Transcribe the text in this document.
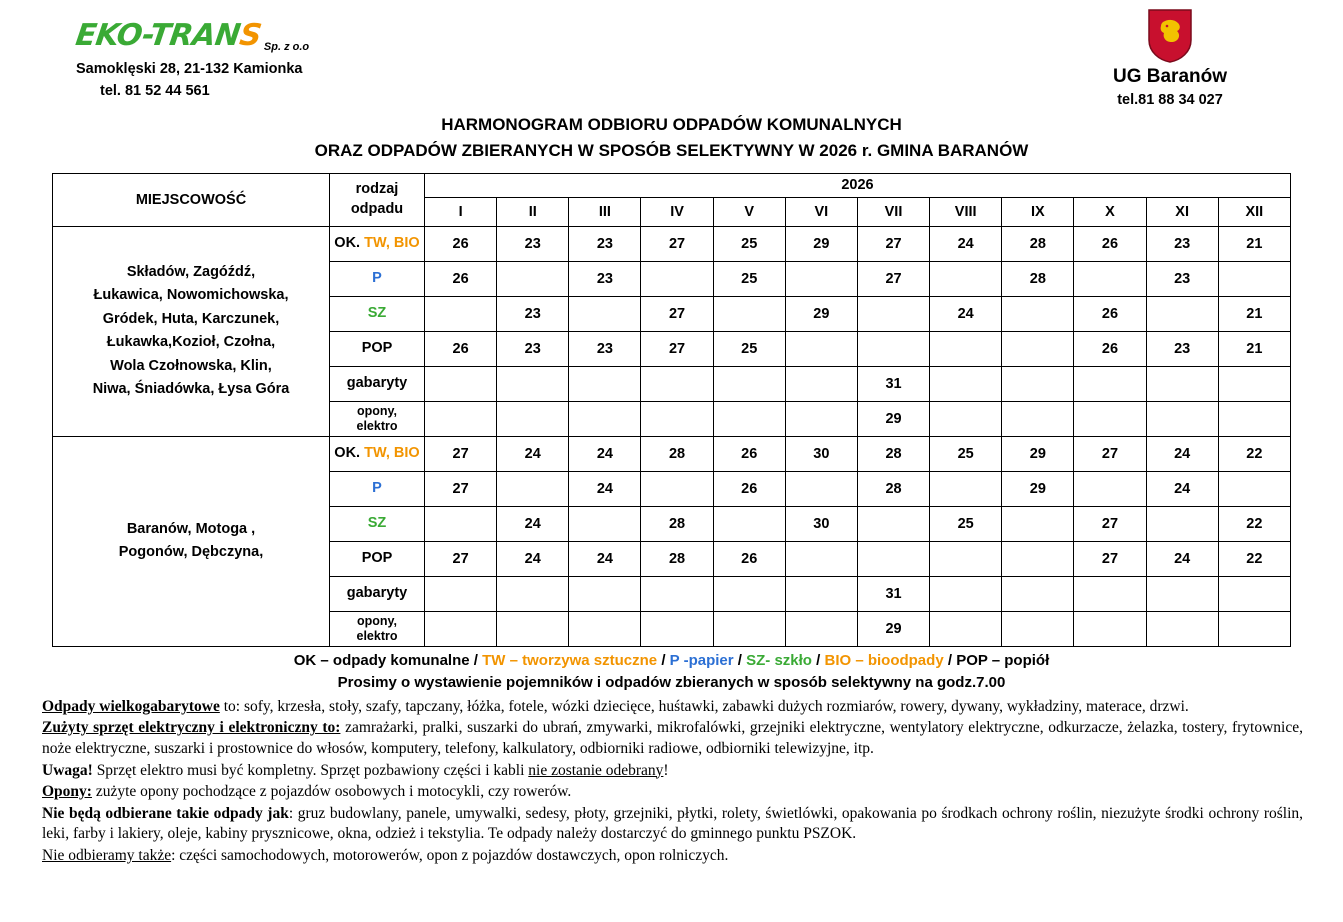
EKO-TRANSSp. z o.o
Samoklęski 28, 21-132 Kamionka
tel. 81 52 44 561
UG Baranów
tel.81 88 34 027
HARMONOGRAM ODBIORU ODPADÓW KOMUNALNYCH
ORAZ ODPADÓW ZBIERANYCH W SPOSÓB SELEKTYWNY W 2026 r. GMINA BARANÓW
MIEJSCOWOŚĆ	rodzaj
odpadu	2026											
		I	II	III	IV	V	VI	VII	VIII	IX	X	XI	XII

Składów, Zagóźdź,
Łukawica, Nowomichowska,
Gródek, Huta, Karczunek,
Łukawka,Kozioł, Czołna,
Wola Czołnowska, Klin,
Niwa, Śniadówka, Łysa Góra
	OK. TW, BIO	26	23	23	27	25	29	27	24	28	26	23	21
	P	26		23		25		27		28		23	
	SZ		23		27		29		24		26		21
	POP	26	23	23	27	25					26	23	21
	gabaryty							31					
	opony,
elektro							29					

Baranów, Motoga ,
Pogonów, Dębczyna,	OK. TW, BIO	27	24	24	28	26	30	28	25	29	27	24	22
	P	27		24		26		28		29		24	
	SZ		24		28		30		25		27		22
	POP	27	24	24	28	26					27	24	22
	gabaryty							31					
	opony,
elektro							29					
OK – odpady komunalne / TW – tworzywa sztuczne / P -papier / SZ- szkło / BIO – bioodpady / POP – popiół
Prosimy o wystawienie pojemników i odpadów zbieranych w sposób selektywny na godz.7.00

Odpady wielkogabarytowe to: sofy, krzesła, stoły, szafy, tapczany, łóżka, fotele, wózki dziecięce, huśtawki, zabawki dużych rozmiarów, rowery, dywany, wykładziny, materace, drzwi.

Zużyty sprzęt elektryczny i elektroniczny to: zamrażarki, pralki, suszarki do ubrań, zmywarki, mikrofalówki, grzejniki elektryczne, wentylatory elektryczne, odkurzacze, żelazka, tostery, frytownice, noże elektryczne, suszarki i prostownice do włosów, komputery, telefony, kalkulatory, odbiorniki radiowe, odbiorniki telewizyjne, itp.

Uwaga! Sprzęt elektro musi być kompletny. Sprzęt pozbawiony części i kabli nie zostanie odebrany!

Opony: zużyte opony pochodzące z pojazdów osobowych i motocykli, czy rowerów.

Nie będą odbierane takie odpady jak: gruz budowlany, panele, umywalki, sedesy, płoty, grzejniki, płytki, rolety, świetlówki, opakowania po środkach ochrony roślin, niezużyte środki ochrony roślin, leki, farby i lakiery, oleje, kabiny prysznicowe, okna, odzież i tekstylia. Te odpady należy dostarczyć do gminnego punktu PSZOK.

Nie odbieramy także: części samochodowych, motorowerów, opon z pojazdów dostawczych, opon rolniczych.
